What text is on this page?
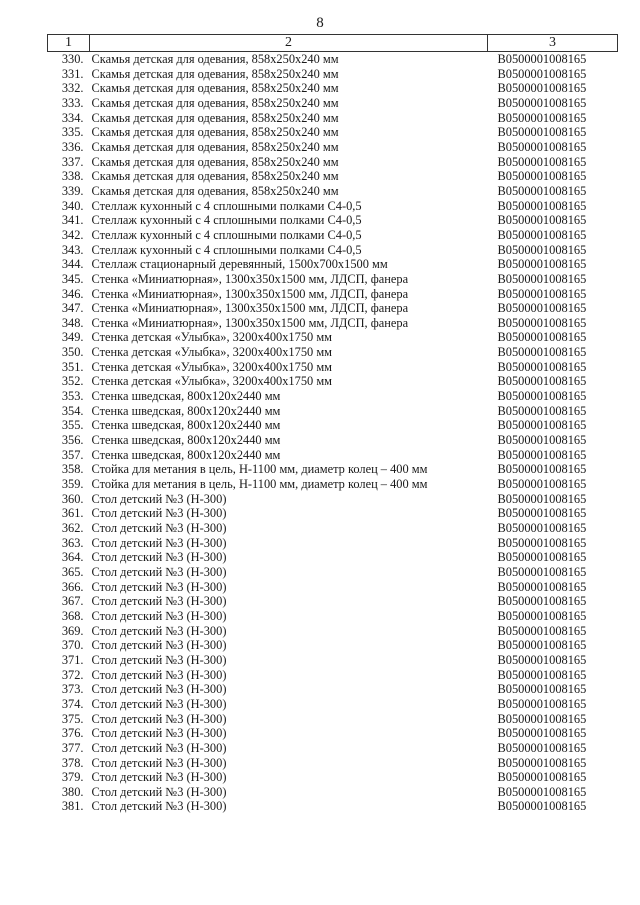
8
1	2	3
330.	Скамья детская для одевания, 858х250х240 мм	B0500001008165
331.	Скамья детская для одевания, 858х250х240 мм	B0500001008165
332.	Скамья детская для одевания, 858х250х240 мм	B0500001008165
333.	Скамья детская для одевания, 858х250х240 мм	B0500001008165
334.	Скамья детская для одевания, 858х250х240 мм	B0500001008165
335.	Скамья детская для одевания, 858х250х240 мм	B0500001008165
336.	Скамья детская для одевания, 858х250х240 мм	B0500001008165
337.	Скамья детская для одевания, 858х250х240 мм	B0500001008165
338.	Скамья детская для одевания, 858х250х240 мм	B0500001008165
339.	Скамья детская для одевания, 858х250х240 мм	B0500001008165
340.	Стеллаж кухонный с 4 сплошными полками С4-0,5	B0500001008165
341.	Стеллаж кухонный с 4 сплошными полками С4-0,5	B0500001008165
342.	Стеллаж кухонный с 4 сплошными полками С4-0,5	B0500001008165
343.	Стеллаж кухонный с 4 сплошными полками С4-0,5	B0500001008165
344.	Стеллаж стационарный деревянный, 1500х700х1500 мм	B0500001008165
345.	Стенка «Миниатюрная», 1300х350х1500 мм, ЛДСП, фанера	B0500001008165
346.	Стенка «Миниатюрная», 1300х350х1500 мм, ЛДСП, фанера	B0500001008165
347.	Стенка «Миниатюрная», 1300х350х1500 мм, ЛДСП, фанера	B0500001008165
348.	Стенка «Миниатюрная», 1300х350х1500 мм, ЛДСП, фанера	B0500001008165
349.	Стенка детская «Улыбка», 3200х400х1750 мм	B0500001008165
350.	Стенка детская «Улыбка», 3200х400х1750 мм	B0500001008165
351.	Стенка детская «Улыбка», 3200х400х1750 мм	B0500001008165
352.	Стенка детская «Улыбка», 3200х400х1750 мм	B0500001008165
353.	Стенка шведская, 800х120х2440 мм	B0500001008165
354.	Стенка шведская, 800х120х2440 мм	B0500001008165
355.	Стенка шведская, 800х120х2440 мм	B0500001008165
356.	Стенка шведская, 800х120х2440 мм	B0500001008165
357.	Стенка шведская, 800х120х2440 мм	B0500001008165
358.	Стойка для метания в цель, Н-1100 мм, диаметр колец – 400 мм	B0500001008165
359.	Стойка для метания в цель, Н-1100 мм, диаметр колец – 400 мм	B0500001008165
360.	Стол детский №3 (Н-300)	B0500001008165
361.	Стол детский №3 (Н-300)	B0500001008165
362.	Стол детский №3 (Н-300)	B0500001008165
363.	Стол детский №3 (Н-300)	B0500001008165
364.	Стол детский №3 (Н-300)	B0500001008165
365.	Стол детский №3 (Н-300)	B0500001008165
366.	Стол детский №3 (Н-300)	B0500001008165
367.	Стол детский №3 (Н-300)	B0500001008165
368.	Стол детский №3 (Н-300)	B0500001008165
369.	Стол детский №3 (Н-300)	B0500001008165
370.	Стол детский №3 (Н-300)	B0500001008165
371.	Стол детский №3 (Н-300)	B0500001008165
372.	Стол детский №3 (Н-300)	B0500001008165
373.	Стол детский №3 (Н-300)	B0500001008165
374.	Стол детский №3 (Н-300)	B0500001008165
375.	Стол детский №3 (Н-300)	B0500001008165
376.	Стол детский №3 (Н-300)	B0500001008165
377.	Стол детский №3 (Н-300)	B0500001008165
378.	Стол детский №3 (Н-300)	B0500001008165
379.	Стол детский №3 (Н-300)	B0500001008165
380.	Стол детский №3 (Н-300)	B0500001008165
381.	Стол детский №3 (Н-300)	B0500001008165
